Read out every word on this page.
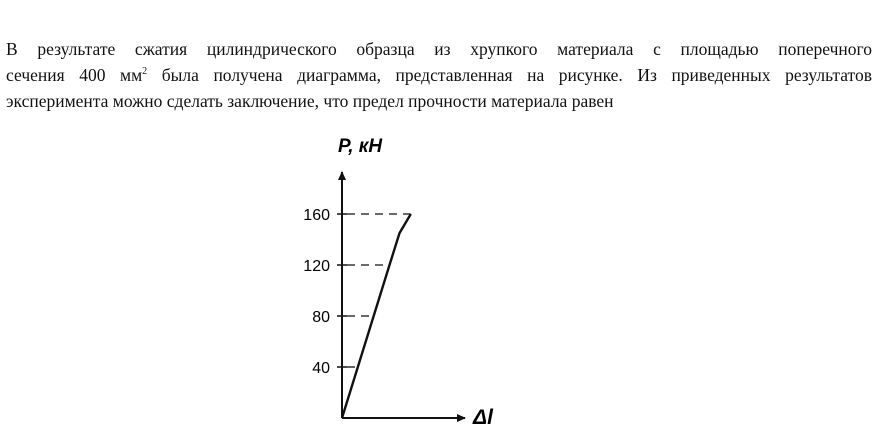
В результате сжатия цилиндрического образца из хрупкого материала с площадью поперечного
сечения 400 $мм^2$ была получена диаграмма, представленная на рисунке. Из приведенных результатов
эксперимента можно сделать заключение, что предел прочности материала равен
40
80
120
160
P, кН
Δl
